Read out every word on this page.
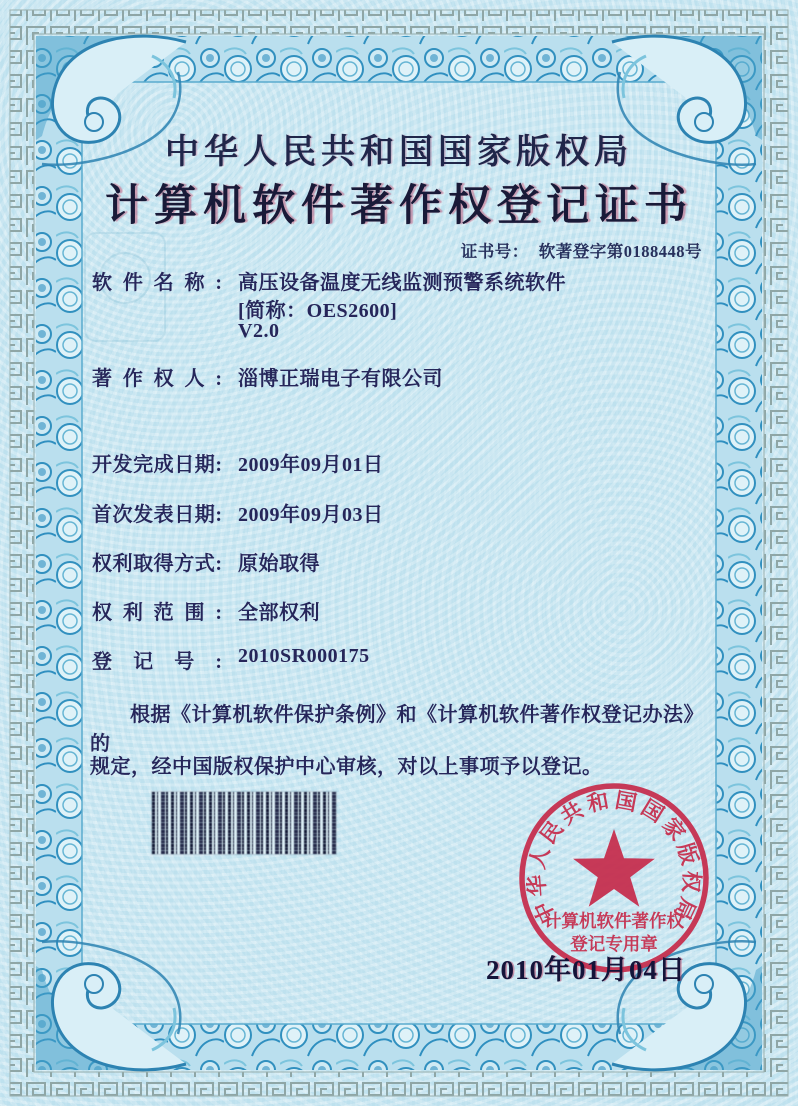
中华人民共和国国家版权局
计算机软件著作权登记证书
证书号： 软著登字第0188448号
软件名称: 高压设备温度无线监测预警系统软件
[简称：OES2600]
V2.0
著作权人: 淄博正瑞电子有限公司
开发完成日期: 2009年09月01日
首次发表日期: 2009年09月03日
权利取得方式: 原始取得
权利范围: 全部权利
登记号: 2010SR000175
根据《计算机软件保护条例》和《计算机软件著作权登记办法》的
规定，经中国版权保护中心审核，对以上事项予以登记。
中华人民共和国国家版权局
计算机软件著作权
登记专用章
2010年01月04日
